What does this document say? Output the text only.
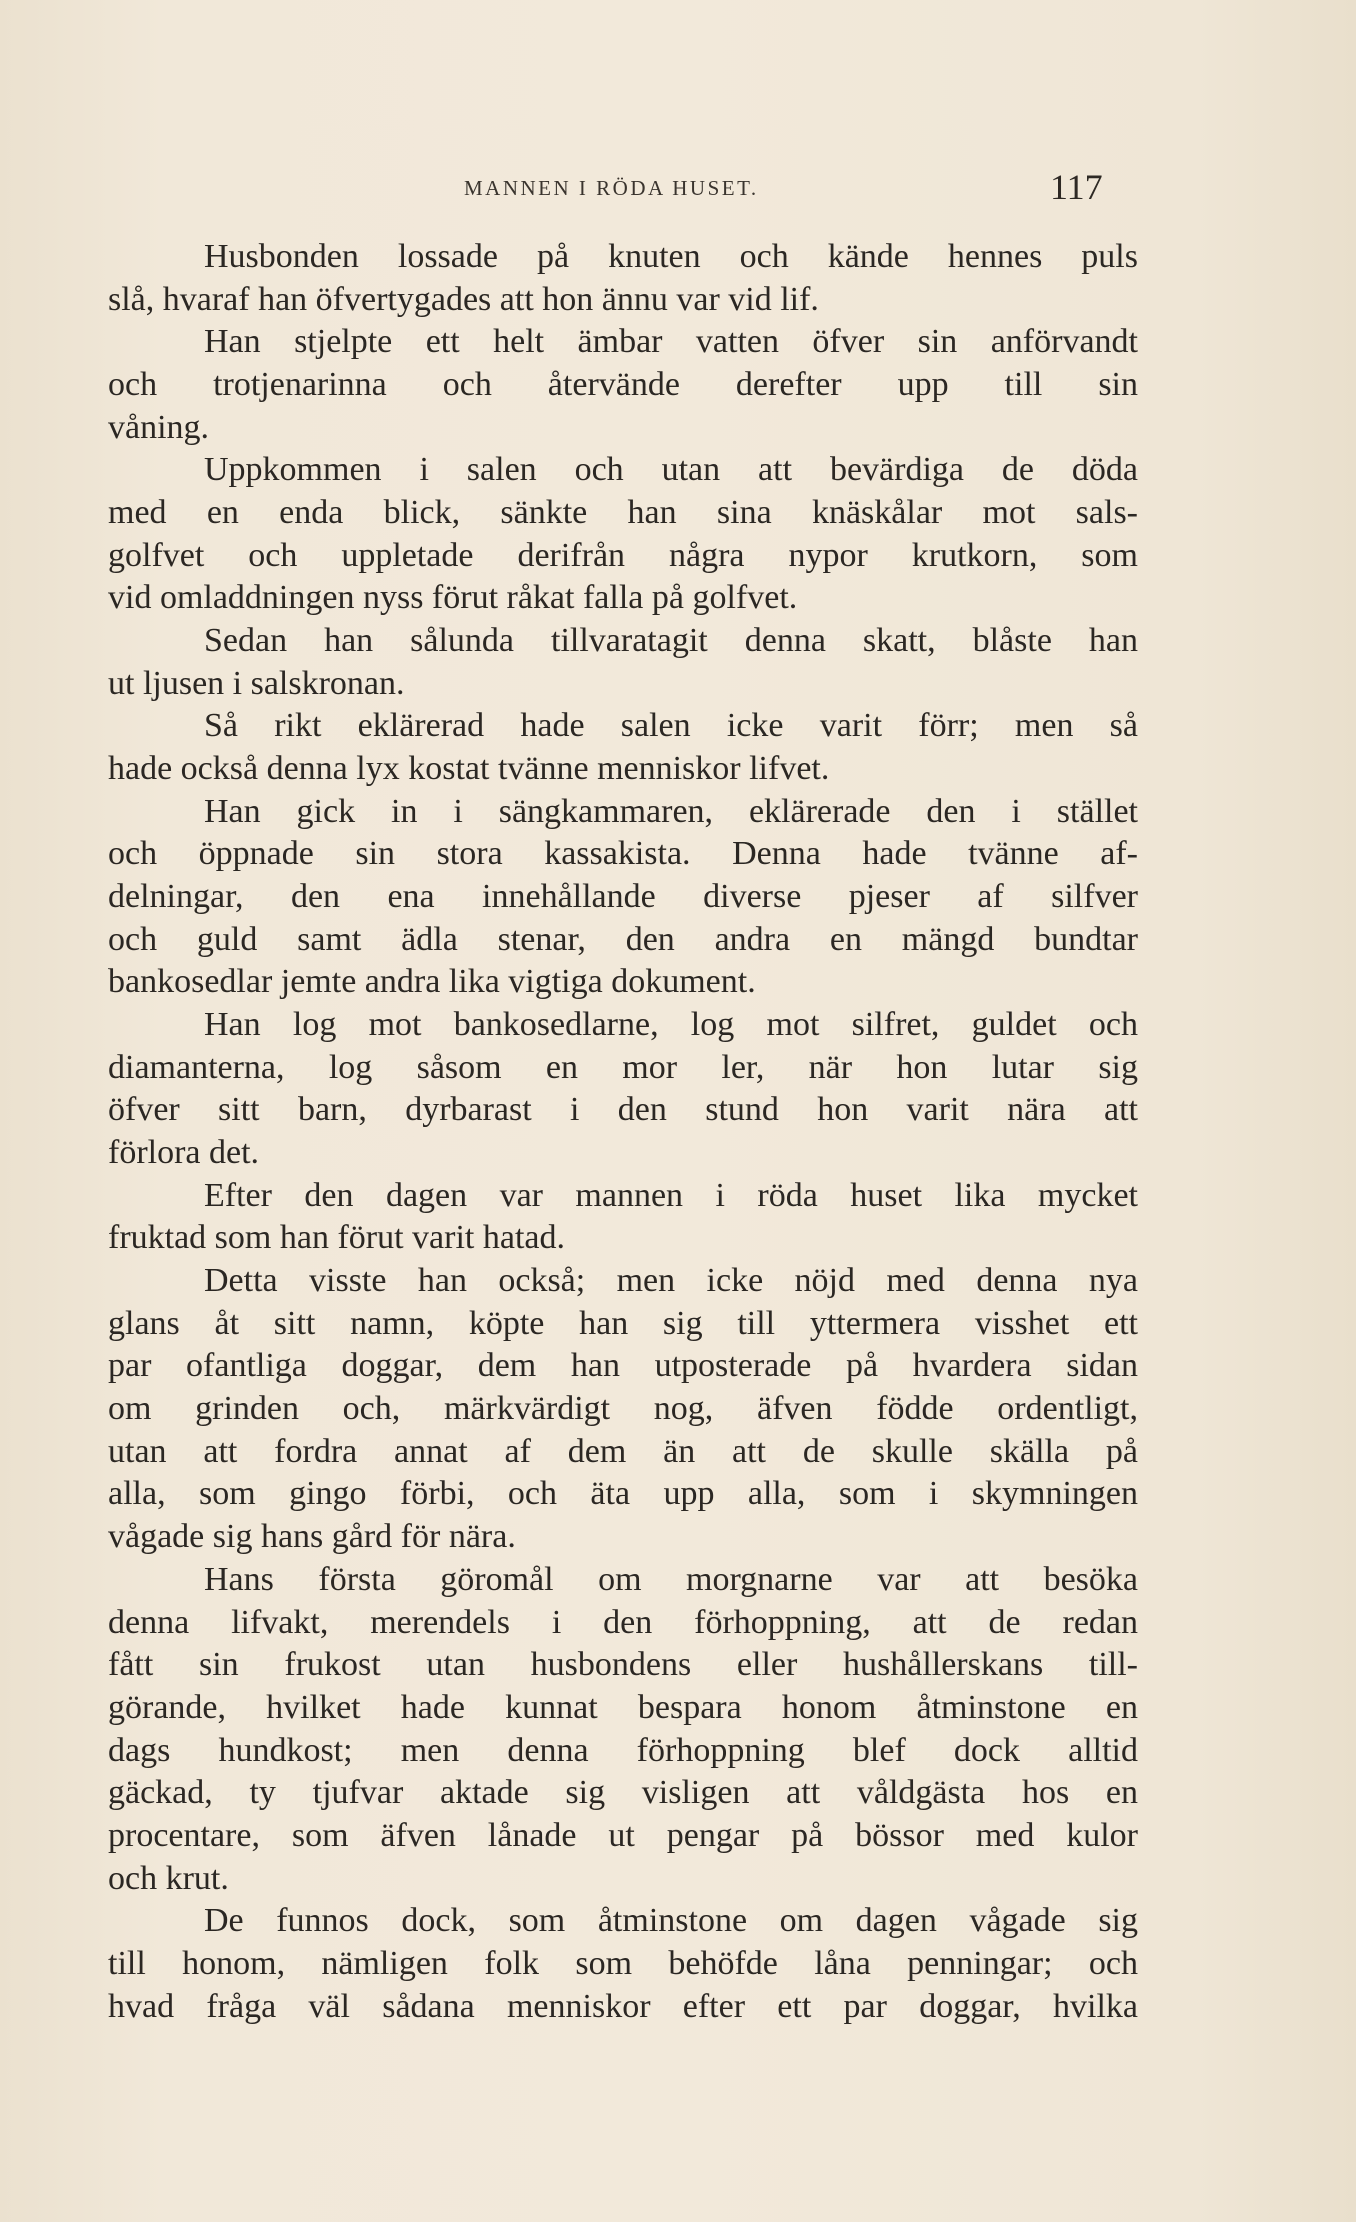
MANNEN I RÖDA HUSET.	117
Husbonden lossade på knuten och kände hennes puls
slå, hvaraf han öfvertygades att hon ännu var vid lif.
Han stjelpte ett helt ämbar vatten öfver sin anförvandt
och trotjenarinna och återvände derefter upp till sin
våning.
Uppkommen i salen och utan att bevärdiga de döda
med en enda blick, sänkte han sina knäskålar mot sals-
golfvet och uppletade derifrån några nypor krutkorn, som
vid omladdningen nyss förut råkat falla på golfvet.
Sedan han sålunda tillvaratagit denna skatt, blåste han
ut ljusen i salskronan.
Så rikt eklärerad hade salen icke varit förr; men så
hade också denna lyx kostat tvänne menniskor lifvet.
Han gick in i sängkammaren, eklärerade den i stället
och öppnade sin stora kassakista. Denna hade tvänne af-
delningar, den ena innehållande diverse pjeser af silfver
och guld samt ädla stenar, den andra en mängd bundtar
bankosedlar jemte andra lika vigtiga dokument.
Han log mot bankosedlarne, log mot silfret, guldet och
diamanterna, log såsom en mor ler, när hon lutar sig
öfver sitt barn, dyrbarast i den stund hon varit nära att
förlora det.
Efter den dagen var mannen i röda huset lika mycket
fruktad som han förut varit hatad.
Detta visste han också; men icke nöjd med denna nya
glans åt sitt namn, köpte han sig till yttermera visshet ett
par ofantliga doggar, dem han utposterade på hvardera sidan
om grinden och, märkvärdigt nog, äfven födde ordentligt,
utan att fordra annat af dem än att de skulle skälla på
alla, som gingo förbi, och äta upp alla, som i skymningen
vågade sig hans gård för nära.
Hans första göromål om morgnarne var att besöka
denna lifvakt, merendels i den förhoppning, att de redan
fått sin frukost utan husbondens eller hushållerskans till-
görande, hvilket hade kunnat bespara honom åtminstone en
dags hundkost; men denna förhoppning blef dock alltid
gäckad, ty tjufvar aktade sig visligen att våldgästa hos en
procentare, som äfven lånade ut pengar på bössor med kulor
och krut.
De funnos dock, som åtminstone om dagen vågade sig
till honom, nämligen folk som behöfde låna penningar; och
hvad fråga väl sådana menniskor efter ett par doggar, hvilka
